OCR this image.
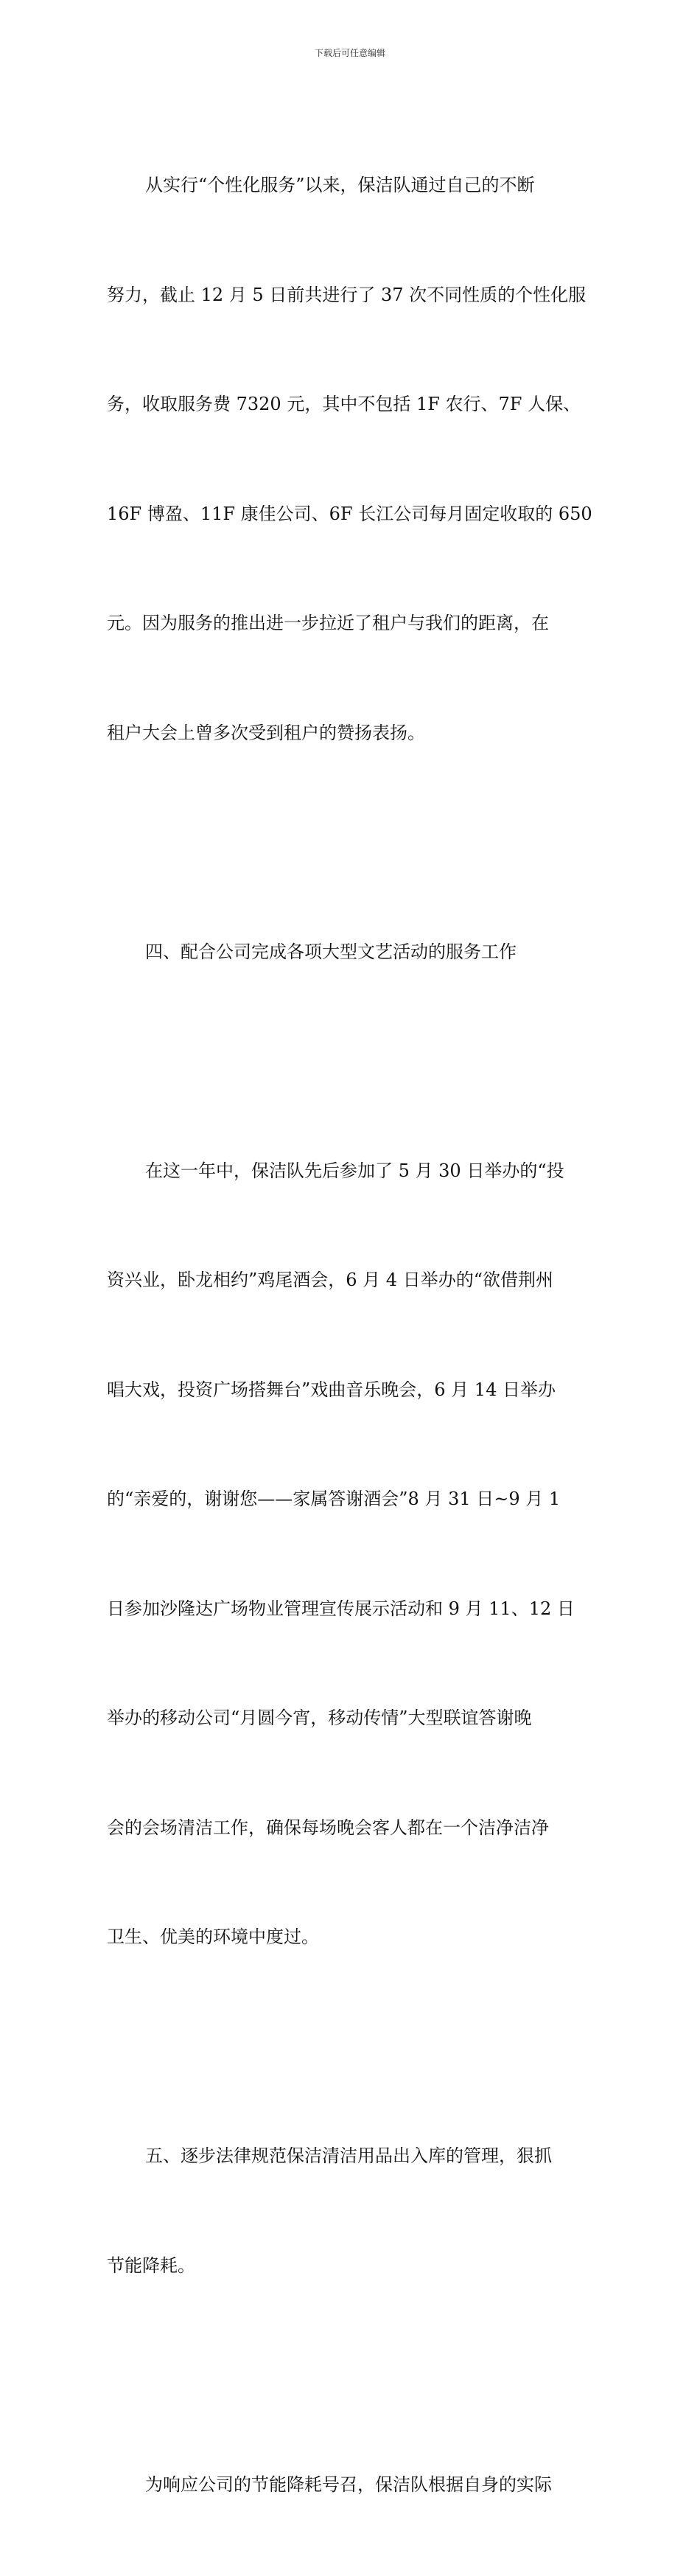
下载后可任意编辑

从实行“个性化服务”以来，保洁队通过自己的不断

努力，截止 12 月 5 日前共进行了 37 次不同性质的个性化服

务，收取服务费 7320 元，其中不包括 1F 农行、7F 人保、

16F 博盈、11F 康佳公司、6F 长江公司每月固定收取的 650

元。因为服务的推出进一步拉近了租户与我们的距离，在

租户大会上曾多次受到租户的赞扬表扬。

四、配合公司完成各项大型文艺活动的服务工作

在这一年中，保洁队先后参加了 5 月 30 日举办的“投

资兴业，卧龙相约”鸡尾酒会，6 月 4 日举办的“欲借荆州

唱大戏，投资广场搭舞台”戏曲音乐晚会，6 月 14 日举办

的“亲爱的，谢谢您——家属答谢酒会”8 月 31 日~9 月 1

日参加沙隆达广场物业管理宣传展示活动和 9 月 11、12 日

举办的移动公司“月圆今宵，移动传情”大型联谊答谢晚

会的会场清洁工作，确保每场晚会客人都在一个洁净洁净

卫生、优美的环境中度过。

五、逐步法律规范保洁清洁用品出入库的管理，狠抓

节能降耗。

为响应公司的节能降耗号召，保洁队根据自身的实际
